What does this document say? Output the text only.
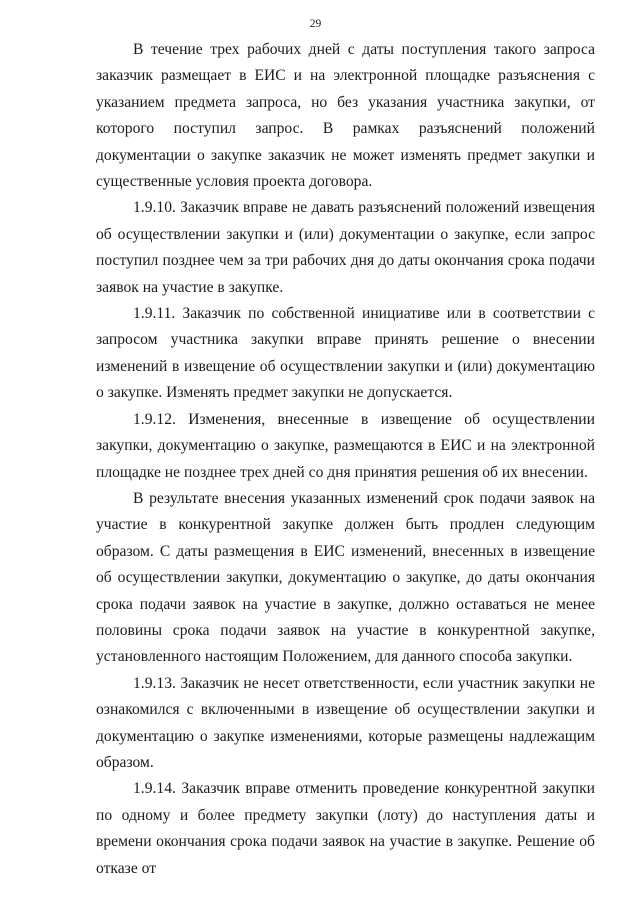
29

В течение трех рабочих дней с даты поступления такого запроса заказчик размещает в ЕИС и на электронной площадке разъяснения с указанием предмета запроса, но без указания участника закупки, от которого поступил запрос. В рамках разъяснений положений документации о закупке заказчик не может изменять предмет закупки и существенные условия проекта договора.

1.9.10. Заказчик вправе не давать разъяснений положений извещения об осуществлении закупки и (или) документации о закупке, если запрос поступил позднее чем за три рабочих дня до даты окончания срока подачи заявок на участие в закупке.

1.9.11. Заказчик по собственной инициативе или в соответствии с запросом участника закупки вправе принять решение о внесении изменений в извещение об осуществлении закупки и (или) документацию о закупке. Изменять предмет закупки не допускается.

1.9.12. Изменения, внесенные в извещение об осуществлении закупки, документацию о закупке, размещаются в ЕИС и на электронной площадке не позднее трех дней со дня принятия решения об их внесении.

В результате внесения указанных изменений срок подачи заявок на участие в конкурентной закупке должен быть продлен следующим образом. С даты размещения в ЕИС изменений, внесенных в извещение об осуществлении закупки, документацию о закупке, до даты окончания срока подачи заявок на участие в закупке, должно оставаться не менее половины срока подачи заявок на участие в конкурентной закупке, установленного настоящим Положением, для данного способа закупки.

1.9.13. Заказчик не несет ответственности, если участник закупки не ознакомился с включенными в извещение об осуществлении закупки и документацию о закупке изменениями, которые размещены надлежащим образом.

1.9.14. Заказчик вправе отменить проведение конкурентной закупки по одному и более предмету закупки (лоту) до наступления даты и времени окончания срока подачи заявок на участие в закупке. Решение об отказе от
